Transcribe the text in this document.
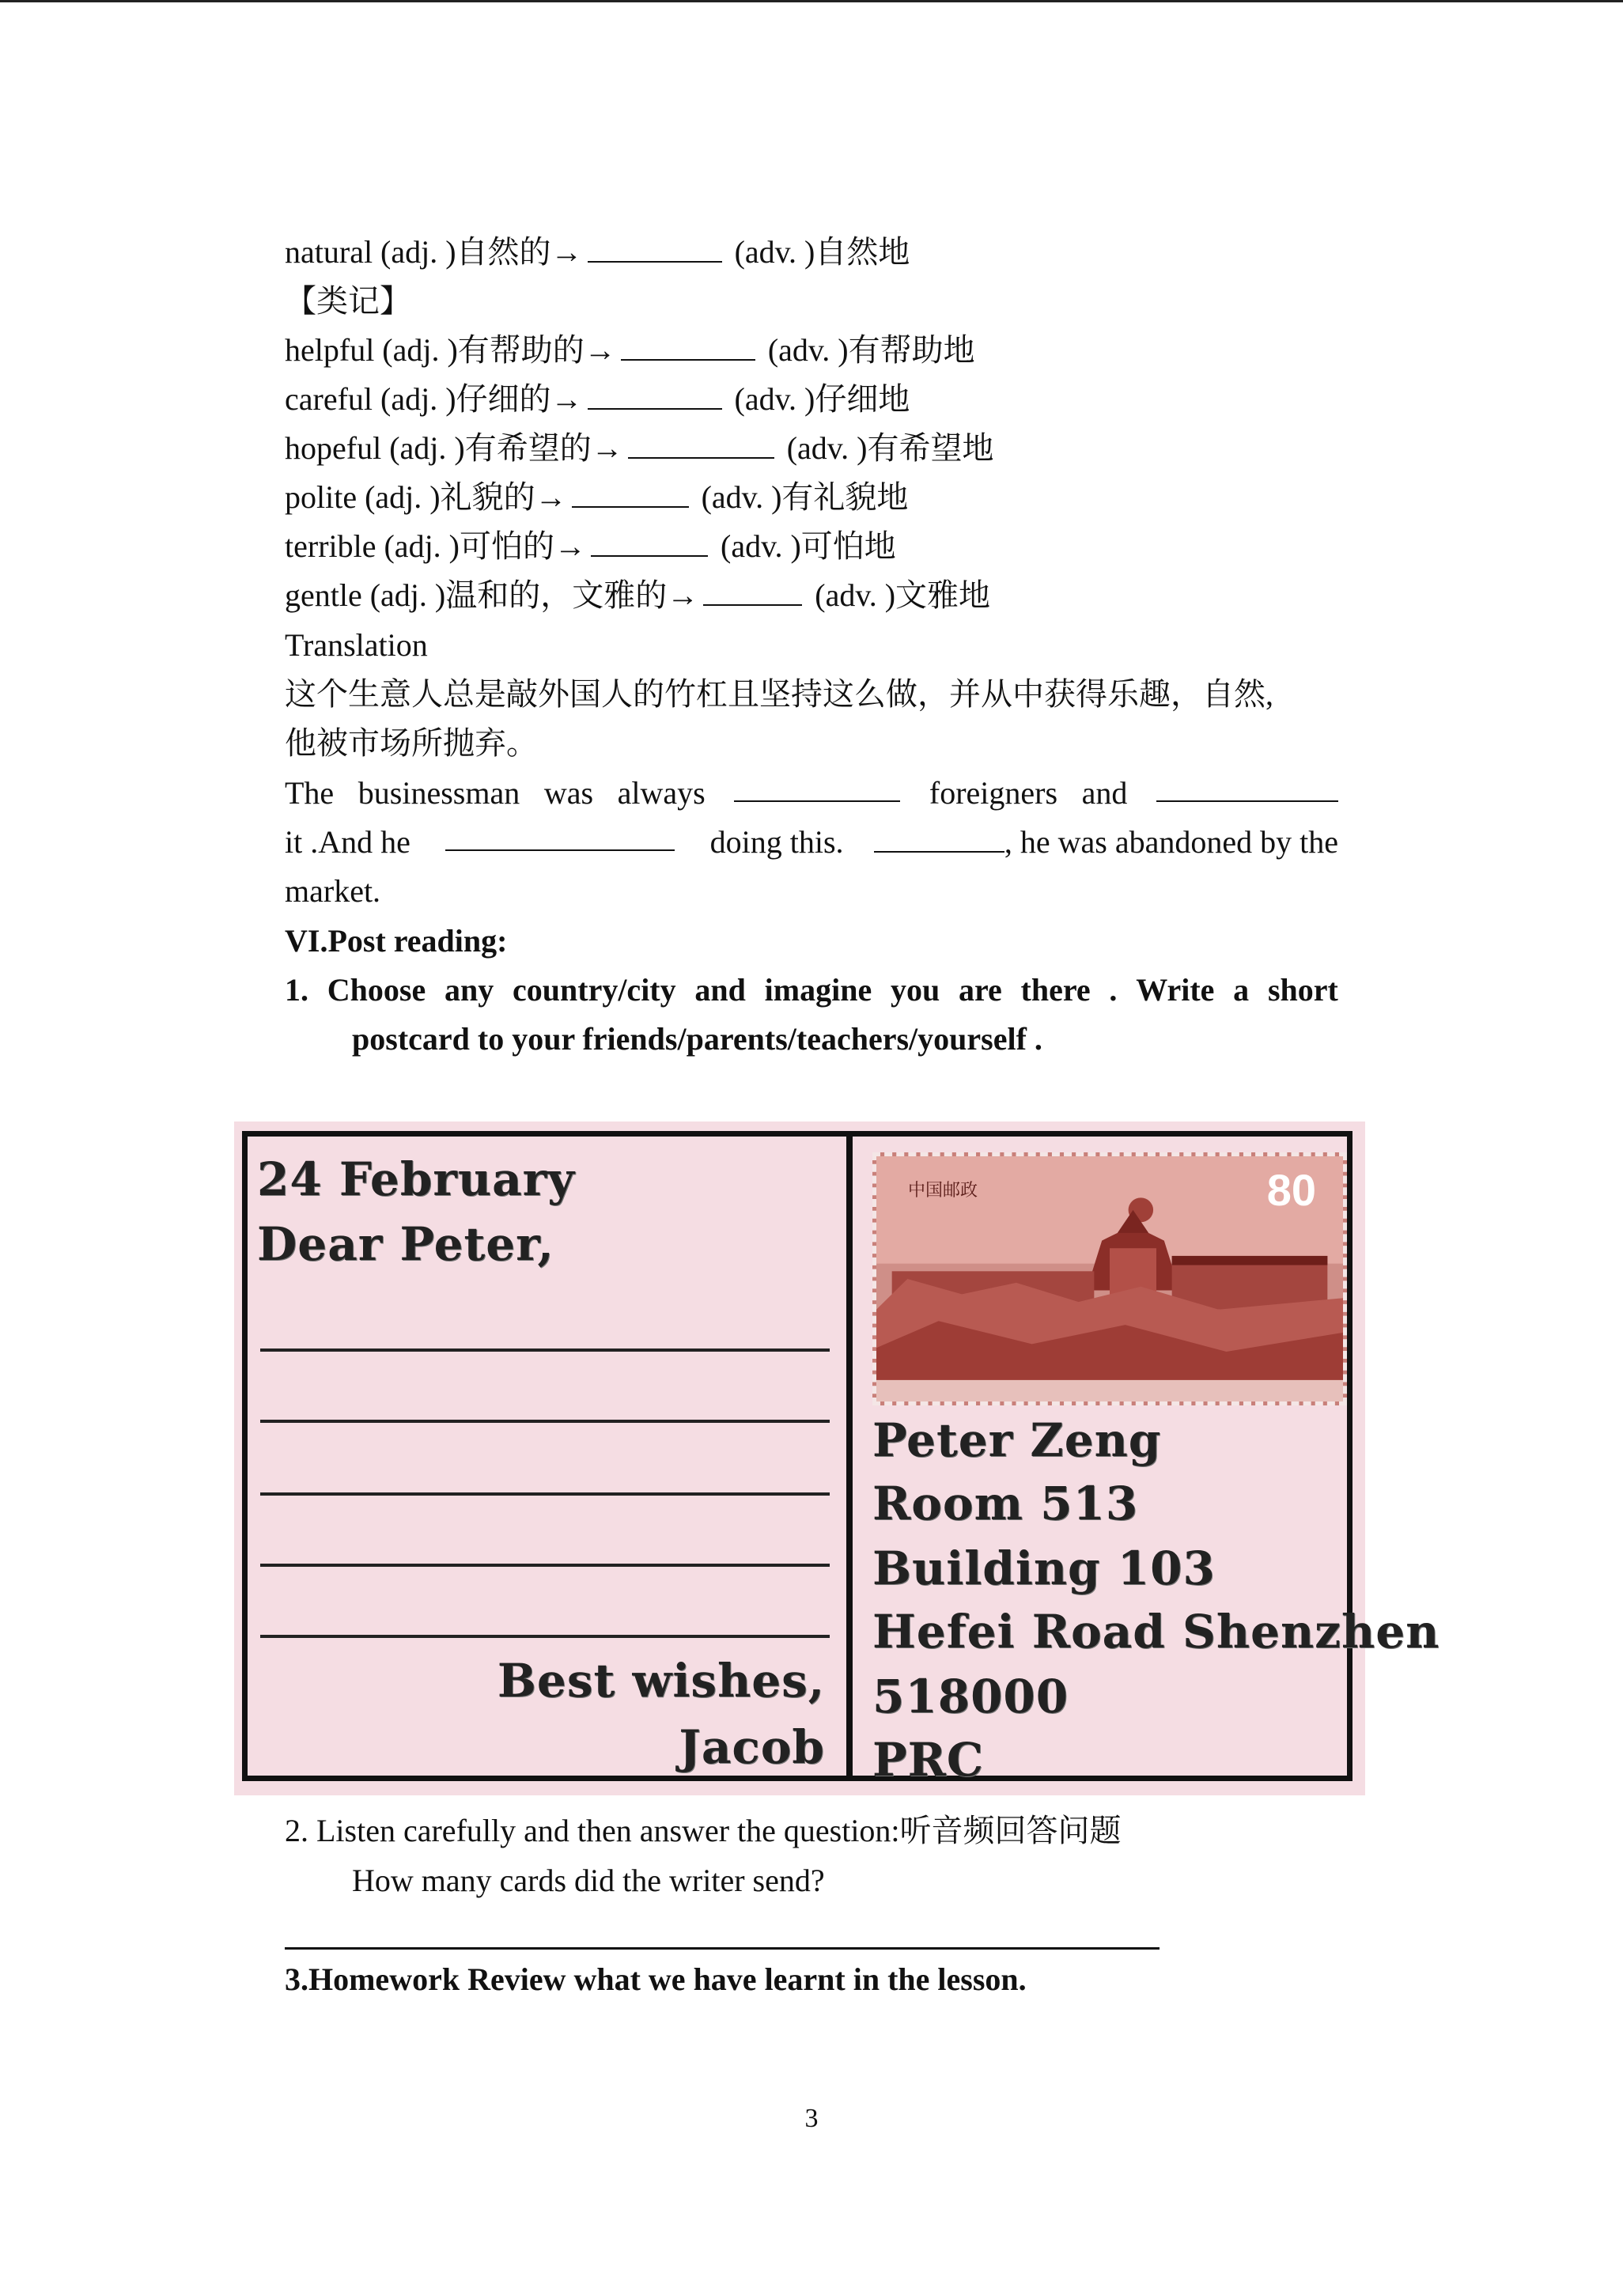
natural (adj. )自然的→	(adv. )自然地
【类记】
helpful (adj. )有帮助的→	(adv. )有帮助地
careful (adj. )仔细的→	(adv. )仔细地
hopeful (adj. )有希望的→	(adv. )有希望地
polite (adj. )礼貌的→	(adv. )有礼貌地
terrible (adj. )可怕的→	(adv. )可怕地
gentle (adj. )温和的，文雅的→	(adv. )文雅地
Translation
这个生意人总是敲外国人的竹杠且坚持这么做，并从中获得乐趣，自然,
他被市场所抛弃。
The businessman was always	foreigners and
it .And he	doing this.	, he was abandoned by the
market.
VI.Post reading:
1. Choose any country/city and imagine you are there . Write a short
postcard to your friends/parents/teachers/yourself .
24 February
Dear Peter,
Best wishes,
Jacob
中国邮政	80
Peter Zeng
Room 513
Building 103
Hefei Road Shenzhen
518000
PRC
2. Listen carefully and then answer the question:听音频回答问题
How many cards did the writer send?
3.Homework Review what we have learnt in the lesson.
3
